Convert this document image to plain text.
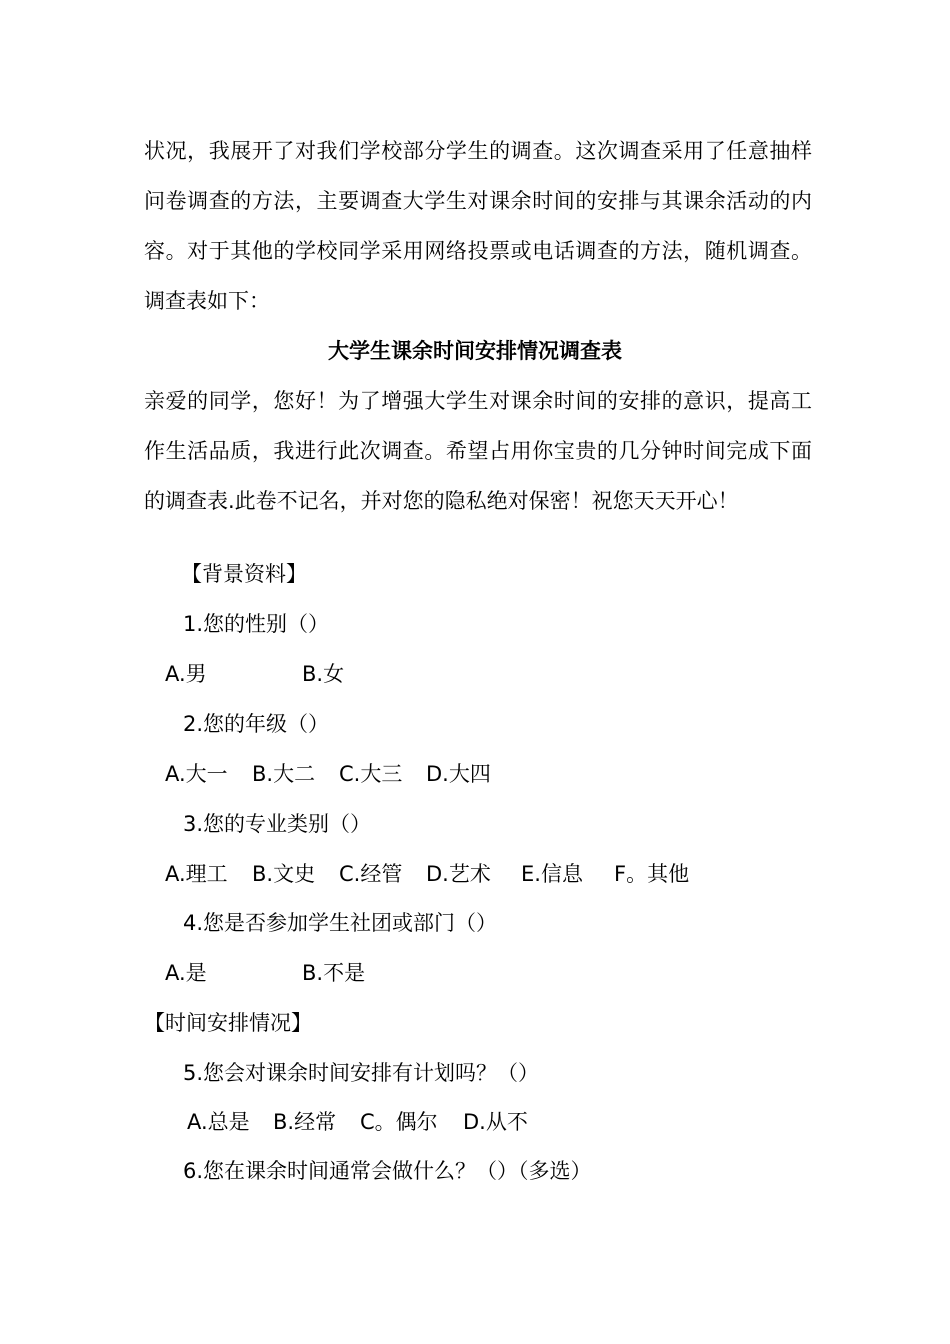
状况，我展开了对我们学校部分学生的调查。这次调查采用了任意抽样问卷调查的方法，主要调查大学生对课余时间的安排与其课余活动的内容。对于其他的学校同学采用网络投票或电话调查的方法，随机调查。调查表如下：

大学生课余时间安排情况调查表

亲爱的同学，您好！为了增强大学生对课余时间的安排的意识，提高工作生活品质，我进行此次调查。希望占用你宝贵的几分钟时间完成下面的调查表.此卷不记名，并对您的隐私绝对保密！祝您天天开心！

【背景资料】
1.您的性别（）
A.男	B.女
2.您的年级（）
A.大一 B.大二 C.大三 D.大四
3.您的专业类别（）
A.理工 B.文史 C.经管 D.艺术 E.信息 F。其他
4.您是否参加学生社团或部门（）
A.是	B.不是
【时间安排情况】
5.您会对课余时间安排有计划吗？（）
A.总是 B.经常 C。偶尔 D.从不
6.您在课余时间通常会做什么？（）（多选）
